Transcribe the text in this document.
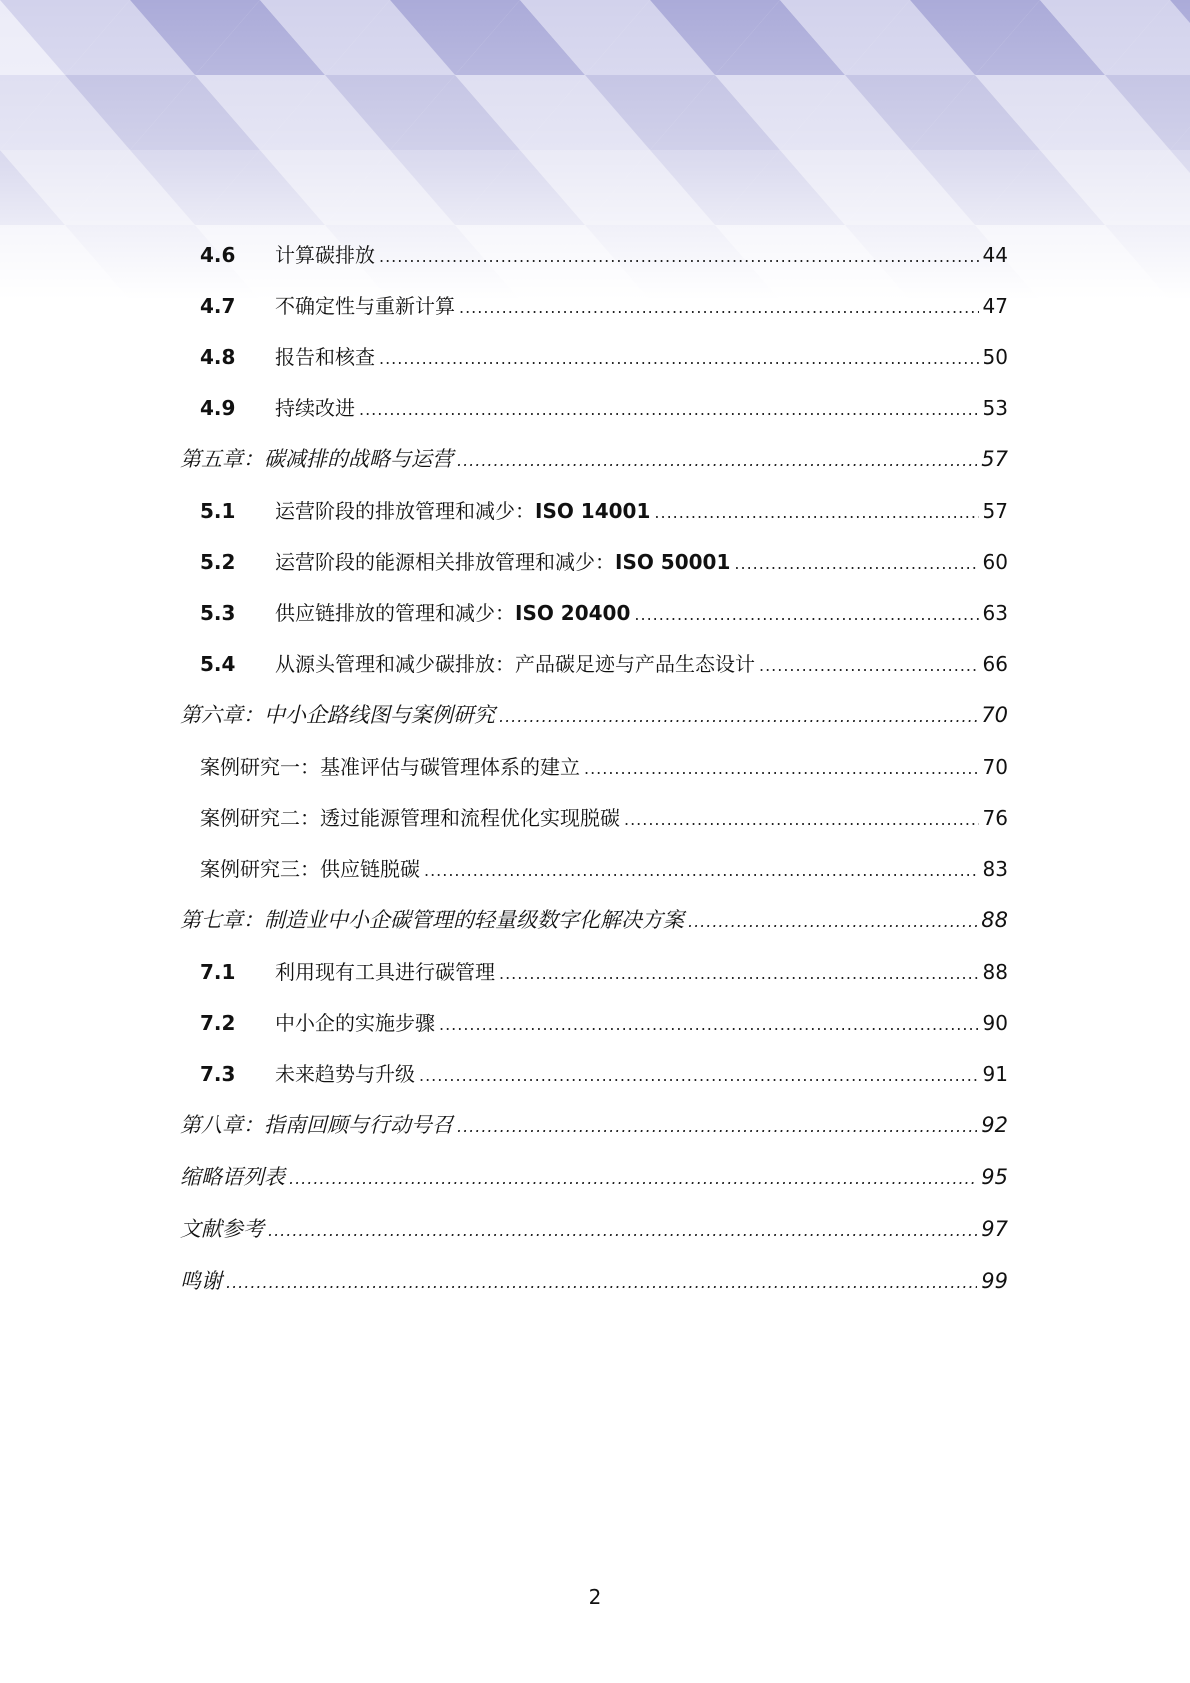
4.6	计算碳排放 .....	44
4.7	不确定性与重新计算 .....	47
4.8	报告和核查 .....	50
4.9	持续改进 .....	53
第五章：碳减排的战略与运营 .....	57
5.1	运营阶段的排放管理和减少：ISO 14001 .....	57
5.2	运营阶段的能源相关排放管理和减少：ISO 50001 .....	60
5.3	供应链排放的管理和减少：ISO 20400 .....	63
5.4	从源头管理和减少碳排放：产品碳足迹与产品生态设计 .....	66
第六章：中小企路线图与案例研究 .....	70
案例研究一：基准评估与碳管理体系的建立 .....	70
案例研究二：透过能源管理和流程优化实现脱碳 .....	76
案例研究三：供应链脱碳 .....	83
第七章：制造业中小企碳管理的轻量级数字化解决方案 .....	88
7.1	利用现有工具进行碳管理 .....	88
7.2	中小企的实施步骤 .....	90
7.3	未来趋势与升级 .....	91
第八章：指南回顾与行动号召 .....	92
缩略语列表 .....	95
文献参考 .....	97
鸣谢 .....	99
2
